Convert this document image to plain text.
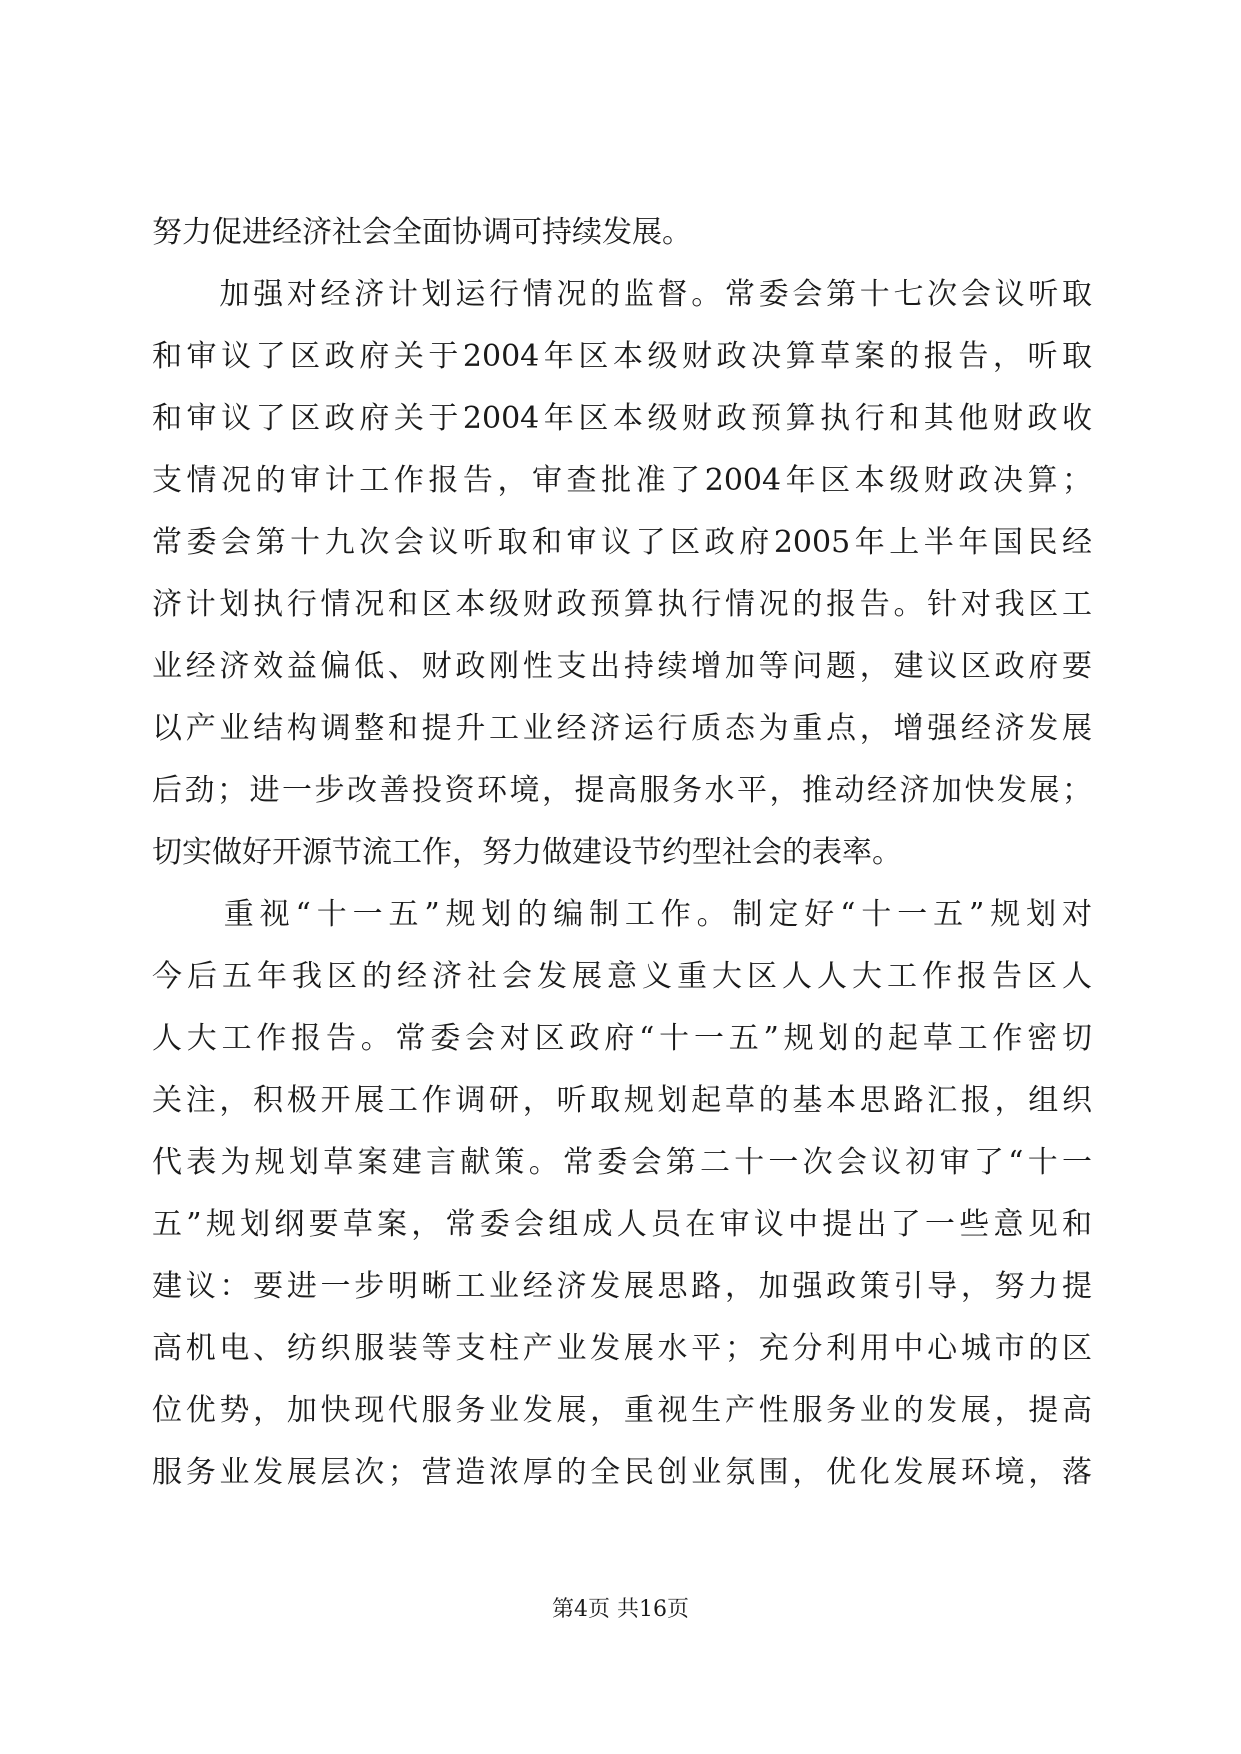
努力促进经济社会全面协调可持续发展。
　　加强对经济计划运行情况的监督。常委会第十七次会议听取
和审议了区政府关于2004年区本级财政决算草案的报告，听取
和审议了区政府关于2004年区本级财政预算执行和其他财政收
支情况的审计工作报告，审查批准了2004年区本级财政决算；
常委会第十九次会议听取和审议了区政府2005年上半年国民经
济计划执行情况和区本级财政预算执行情况的报告。针对我区工
业经济效益偏低、财政刚性支出持续增加等问题，建议区政府要
以产业结构调整和提升工业经济运行质态为重点，增强经济发展
后劲；进一步改善投资环境，提高服务水平，推动经济加快发展；
切实做好开源节流工作，努力做建设节约型社会的表率。
　　重视“十一五”规划的编制工作。制定好“十一五”规划对
今后五年我区的经济社会发展意义重大区人人大工作报告区人
人大工作报告。常委会对区政府“十一五”规划的起草工作密切
关注，积极开展工作调研，听取规划起草的基本思路汇报，组织
代表为规划草案建言献策。常委会第二十一次会议初审了“十一
五”规划纲要草案，常委会组成人员在审议中提出了一些意见和
建议：要进一步明晰工业经济发展思路，加强政策引导，努力提
高机电、纺织服装等支柱产业发展水平；充分利用中心城市的区
位优势，加快现代服务业发展，重视生产性服务业的发展，提高
服务业发展层次；营造浓厚的全民创业氛围，优化发展环境，落
第4页 共16页
